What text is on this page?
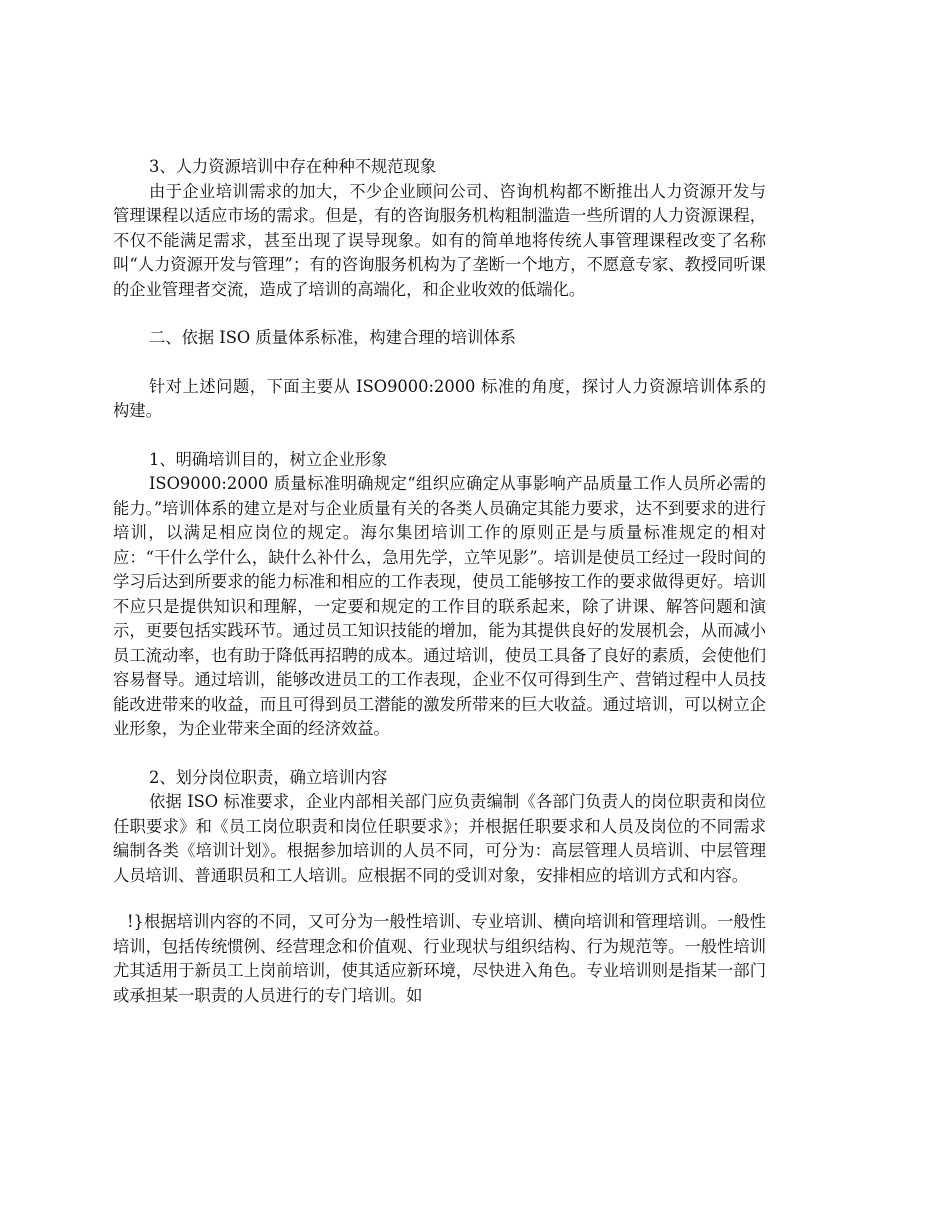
3、人力资源培训中存在种种不规范现象

由于企业培训需求的加大，不少企业顾问公司、咨询机构都不断推出人力资源开发与管理课程以适应市场的需求。但是，有的咨询服务机构粗制滥造一些所谓的人力资源课程，不仅不能满足需求，甚至出现了误导现象。如有的简单地将传统人事管理课程改变了名称叫“人力资源开发与管理”；有的咨询服务机构为了垄断一个地方，不愿意专家、教授同听课的企业管理者交流，造成了培训的高端化，和企业收效的低端化。

二、依据 ISO 质量体系标准，构建合理的培训体系

针对上述问题，下面主要从 ISO9000:2000 标准的角度，探讨人力资源培训体系的构建。

1、明确培训目的，树立企业形象

ISO9000:2000 质量标准明确规定“组织应确定从事影响产品质量工作人员所必需的能力。”培训体系的建立是对与企业质量有关的各类人员确定其能力要求，达不到要求的进行培训，以满足相应岗位的规定。海尔集团培训工作的原则正是与质量标准规定的相对应：“干什么学什么，缺什么补什么，急用先学，立竿见影”。培训是使员工经过一段时间的学习后达到所要求的能力标准和相应的工作表现，使员工能够按工作的要求做得更好。培训不应只是提供知识和理解，一定要和规定的工作目的联系起来，除了讲课、解答问题和演示，更要包括实践环节。通过员工知识技能的增加，能为其提供良好的发展机会，从而减小员工流动率，也有助于降低再招聘的成本。通过培训，使员工具备了良好的素质，会使他们容易督导。通过培训，能够改进员工的工作表现，企业不仅可得到生产、营销过程中人员技能改进带来的收益，而且可得到员工潜能的激发所带来的巨大收益。通过培训，可以树立企业形象，为企业带来全面的经济效益。

2、划分岗位职责，确立培训内容

依据 ISO 标准要求，企业内部相关部门应负责编制《各部门负责人的岗位职责和岗位任职要求》和《员工岗位职责和岗位任职要求》；并根据任职要求和人员及岗位的不同需求编制各类《培训计划》。根据参加培训的人员不同，可分为：高层管理人员培训、中层管理人员培训、普通职员和工人培训。应根据不同的受训对象，安排相应的培训方式和内容。

!}根据培训内容的不同，又可分为一般性培训、专业培训、横向培训和管理培训。一般性培训，包括传统惯例、经营理念和价值观、行业现状与组织结构、行为规范等。一般性培训尤其适用于新员工上岗前培训，使其适应新环境，尽快进入角色。专业培训则是指某一部门或承担某一职责的人员进行的专门培训。如
